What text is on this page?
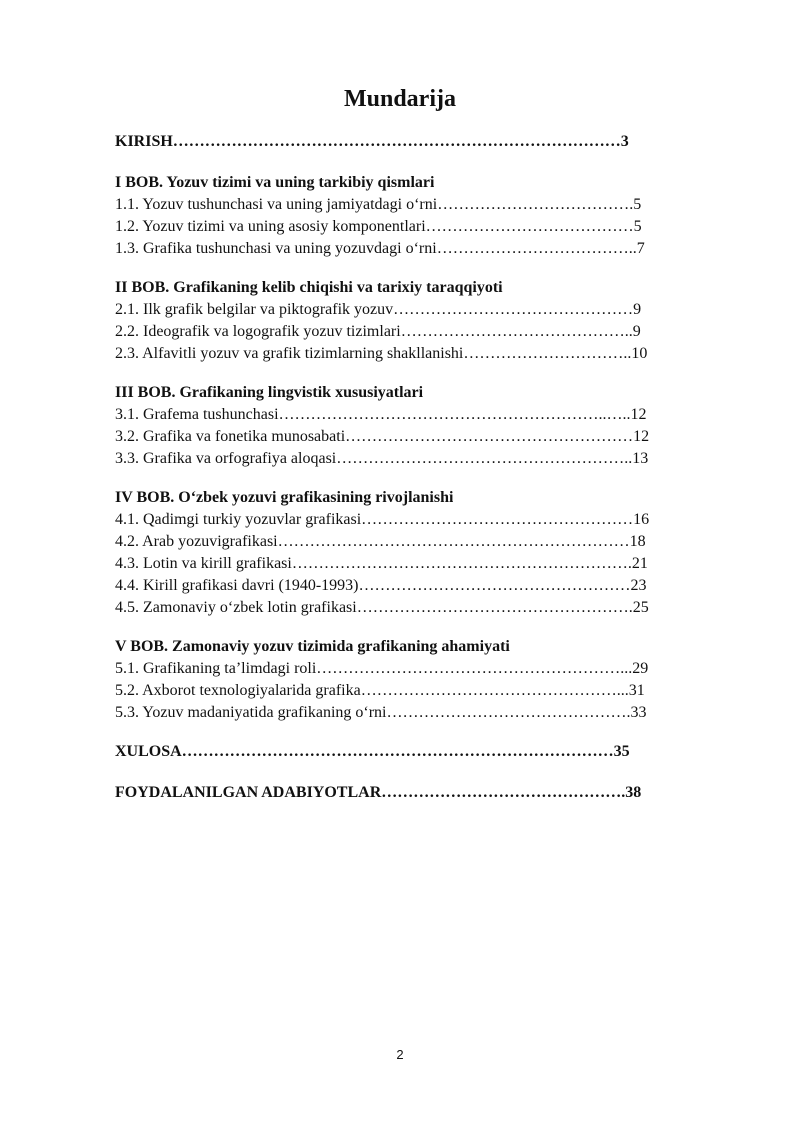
Mundarija
KIRISH…………………………………………………………………………3
I BOB. Yozuv tizimi va uning tarkibiy qismlari
1.1. Yozuv tushunchasi va uning jamiyatdagi o‘rni……………………………….5
1.2. Yozuv tizimi va uning asosiy komponentlari…………………………………5
1.3. Grafika tushunchasi va uning yozuvdagi o‘rni………………………………..7
II BOB. Grafikaning kelib chiqishi va tarixiy taraqqiyoti
2.1. Ilk grafik belgilar va piktografik yozuv………………………………………9
2.2. Ideografik va logografik yozuv tizimlari……………………………………..9
2.3. Alfavitli yozuv va grafik tizimlarning shakllanishi…………………………..10
III BOB. Grafikaning lingvistik xususiyatlari
3.1. Grafema tushunchasi……………………………………………………..…..12
3.2. Grafika va fonetika munosabati………………………………………………12
3.3. Grafika va orfografiya aloqasi………………………………………………..13
IV BOB. O‘zbek yozuvi grafikasining rivojlanishi
4.1. Qadimgi turkiy yozuvlar grafikasi……………………………………………16
4.2. Arab yozuvigrafikasi…………………………………………………………18
4.3. Lotin va kirill grafikasi……………………………………………………….21
4.4. Kirill grafikasi davri (1940-1993)……………………………………………23
4.5. Zamonaviy o‘zbek lotin grafikasi…………………………………………….25
V BOB. Zamonaviy yozuv tizimida grafikaning ahamiyati
5.1. Grafikaning ta’limdagi roli…………………………………………………...29
5.2. Axborot texnologiyalarida grafika…………………………………………...31
5.3. Yozuv madaniyatida grafikaning o‘rni……………………………………….33
XULOSA………………………………………………………………………35
FOYDALANILGAN ADABIYOTLAR……………………………………….38
2
